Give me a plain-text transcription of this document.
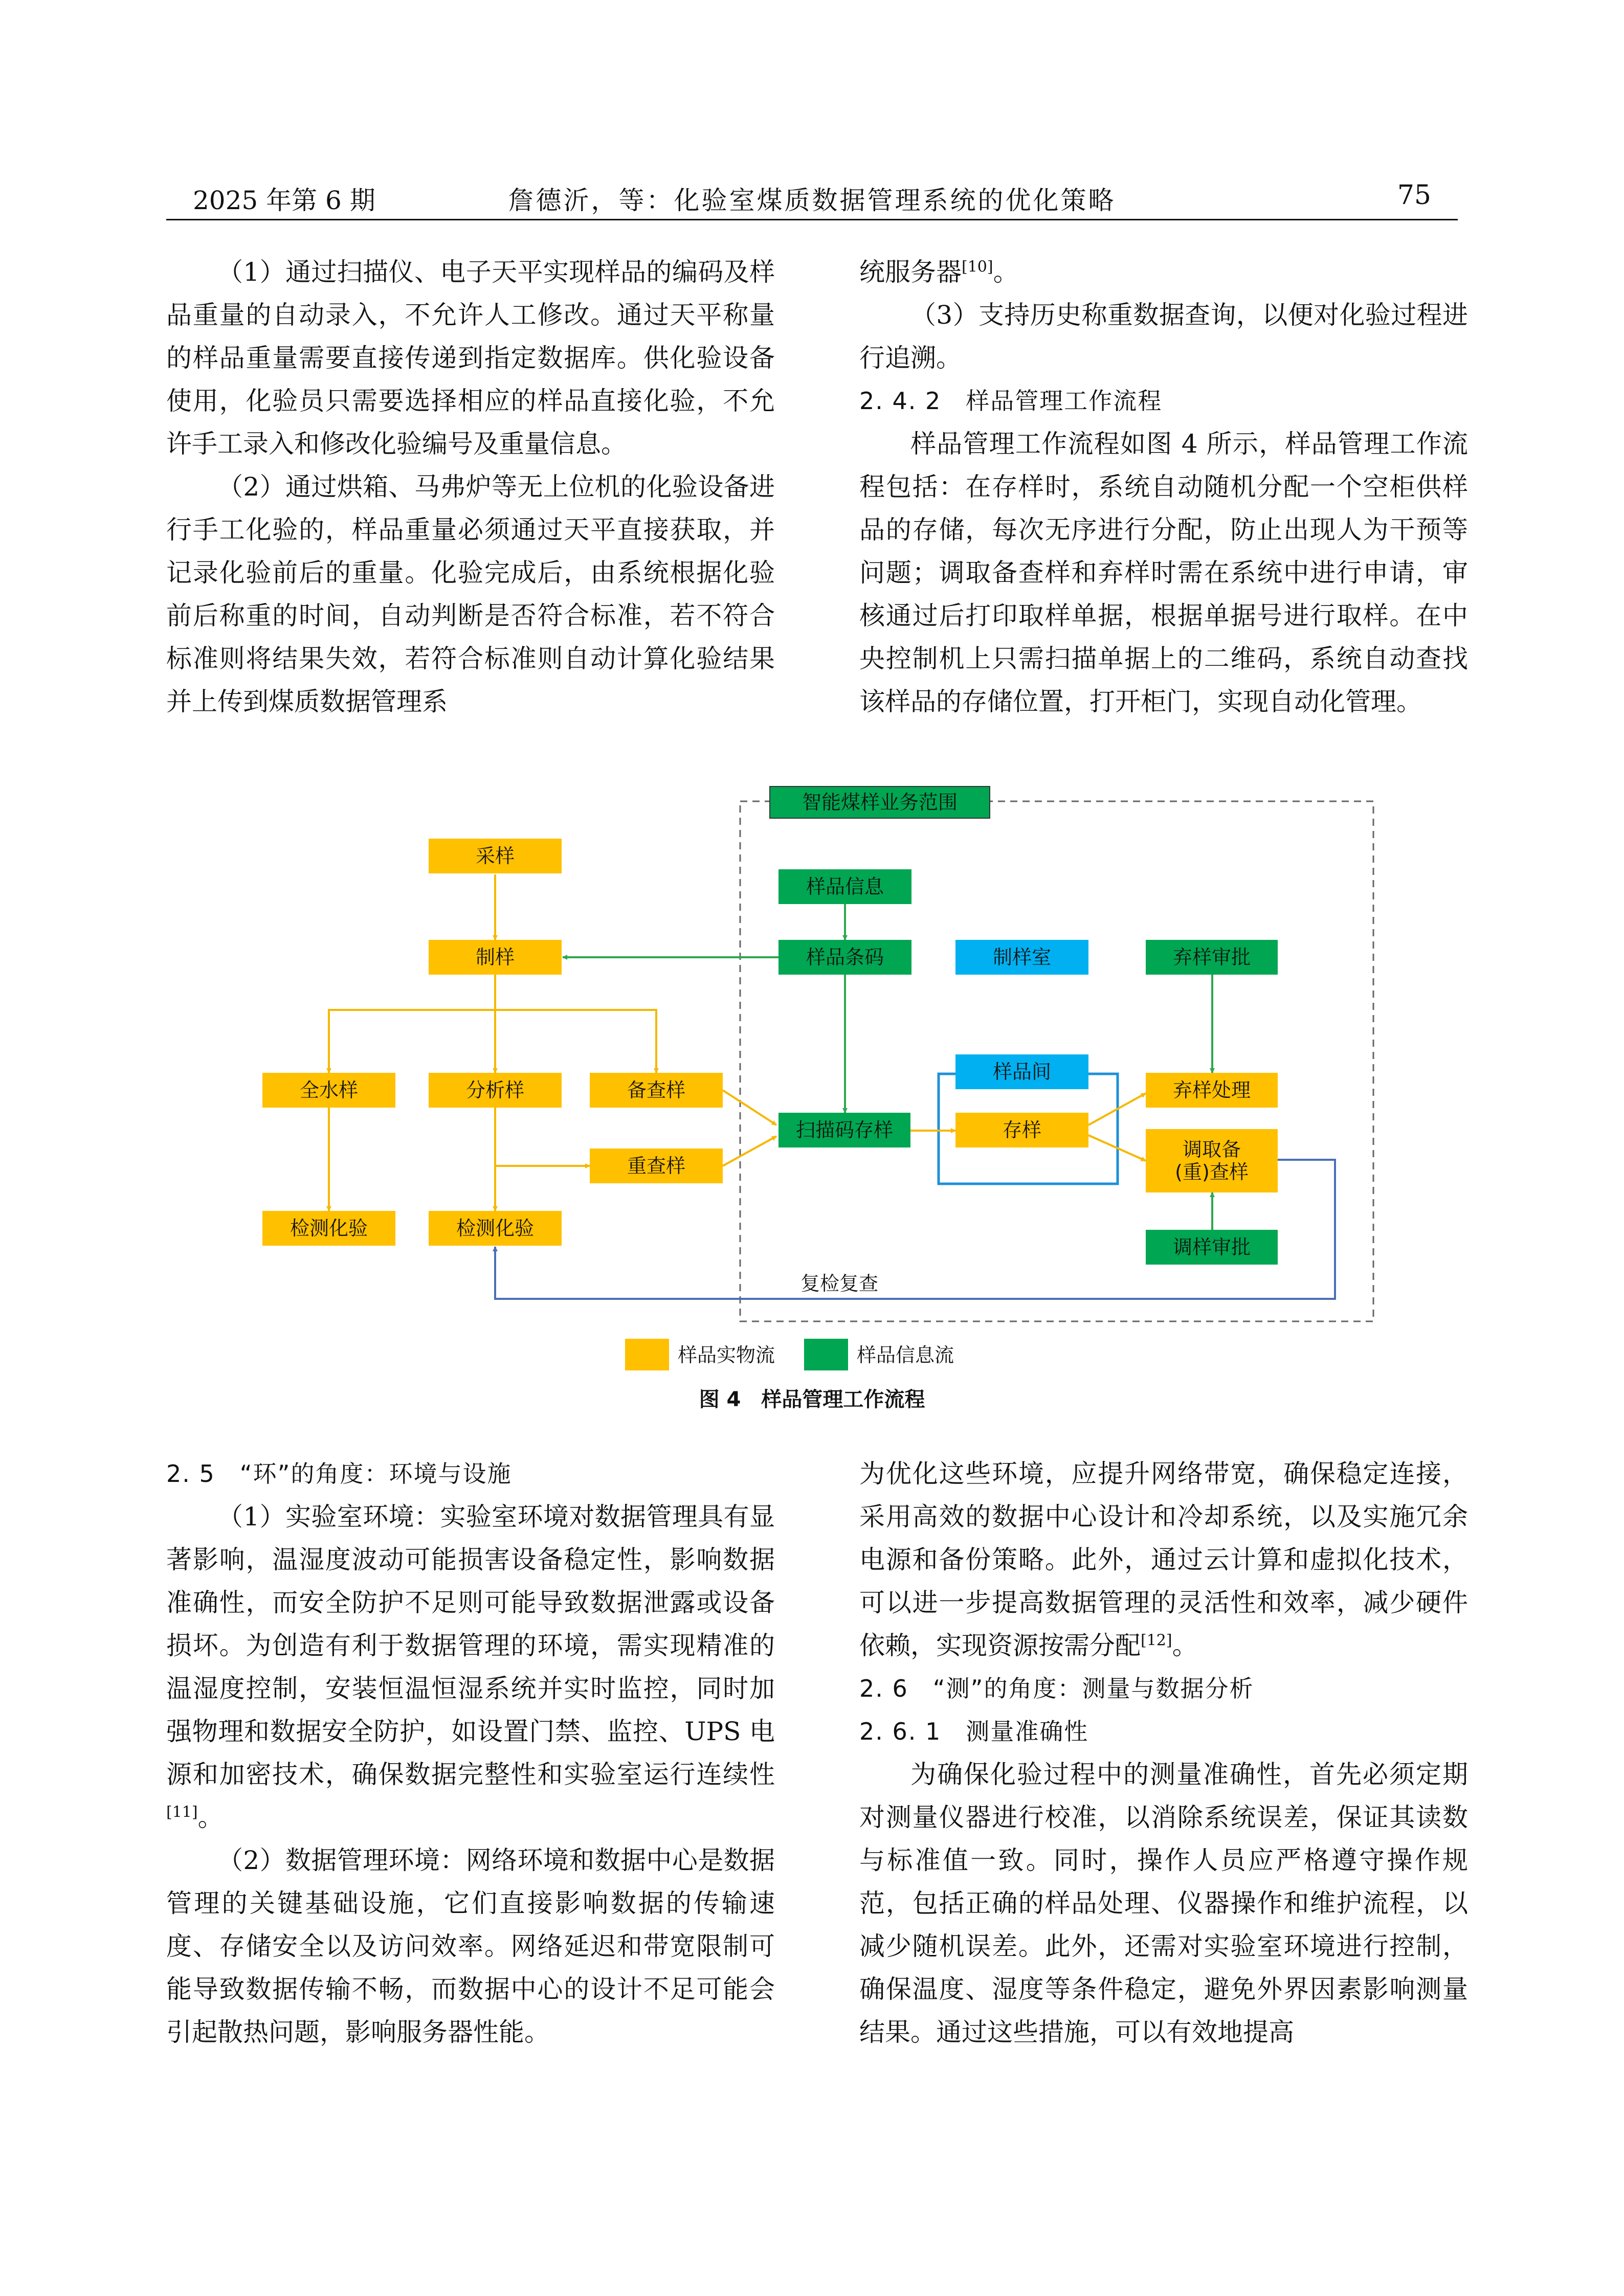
2025 年第 6 期	詹德沂，等：化验室煤质数据管理系统的优化策略	75

（1）通过扫描仪、电子天平实现样品的编码及样品重量的自动录入，不允许人工修改。通过天平称量的样品重量需要直接传递到指定数据库。供化验设备使用，化验员只需要选择相应的样品直接化验，不允许手工录入和修改化验编号及重量信息。

（2）通过烘箱、马弗炉等无上位机的化验设备进行手工化验的，样品重量必须通过天平直接获取，并记录化验前后的重量。化验完成后，由系统根据化验前后称重的时间，自动判断是否符合标准，若不符合标准则将结果失效，若符合标准则自动计算化验结果并上传到煤质数据管理系

统服务器[10]。

（3）支持历史称重数据查询，以便对化验过程进行追溯。

2. 4. 2　样品管理工作流程

样品管理工作流程如图 4 所示，样品管理工作流程包括：在存样时，系统自动随机分配一个空柜供样品的存储，每次无序进行分配，防止出现人为干预等问题；调取备查样和弃样时需在系统中进行申请，审核通过后打印取样单据，根据单据号进行取样。在中央控制机上只需扫描单据上的二维码，系统自动查找该样品的存储位置，打开柜门，实现自动化管理。

智能煤样业务范围
复检复查
采样
制样
全水样	分析样	备查样
重查样
检测化验	检测化验
存样
弃样处理
调取备
(重)查样
样品信息
样品条码
扫描码存样
弃样审批
调样审批
制样室
样品间
样品实物流	样品信息流
图 4 样品管理工作流程

2. 5　“环”的角度：环境与设施

（1）实验室环境：实验室环境对数据管理具有显著影响，温湿度波动可能损害设备稳定性，影响数据准确性，而安全防护不足则可能导致数据泄露或设备损坏。为创造有利于数据管理的环境，需实现精准的温湿度控制，安装恒温恒湿系统并实时监控，同时加强物理和数据安全防护，如设置门禁、监控、UPS 电源和加密技术，确保数据完整性和实验室运行连续性[11]。

（2）数据管理环境：网络环境和数据中心是数据管理的关键基础设施，它们直接影响数据的传输速度、存储安全以及访问效率。网络延迟和带宽限制可能导致数据传输不畅，而数据中心的设计不足可能会引起散热问题，影响服务器性能。

为优化这些环境，应提升网络带宽，确保稳定连接，采用高效的数据中心设计和冷却系统，以及实施冗余电源和备份策略。此外，通过云计算和虚拟化技术，可以进一步提高数据管理的灵活性和效率，减少硬件依赖，实现资源按需分配[12]。

2. 6　“测”的角度：测量与数据分析

2. 6. 1　测量准确性

为确保化验过程中的测量准确性，首先必须定期对测量仪器进行校准，以消除系统误差，保证其读数与标准值一致。同时，操作人员应严格遵守操作规范，包括正确的样品处理、仪器操作和维护流程，以减少随机误差。此外，还需对实验室环境进行控制，确保温度、湿度等条件稳定，避免外界因素影响测量结果。通过这些措施，可以有效地提高
